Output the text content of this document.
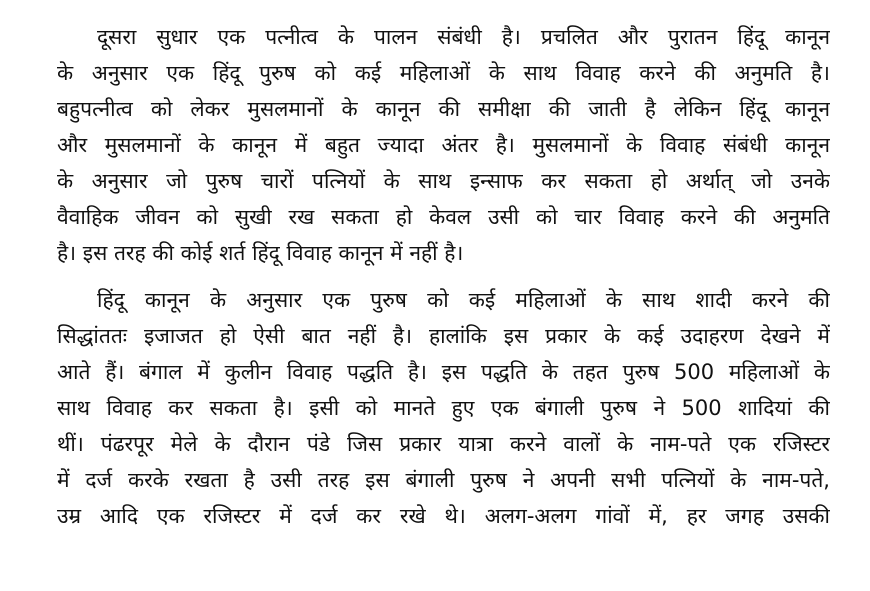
दूसरा सुधार एक पत्नीत्व के पालन संबंधी है। प्रचलित और पुरातन हिंदू कानून
के अनुसार एक हिंदू पुरुष को कई महिलाओं के साथ विवाह करने की अनुमति है।
बहुपत्नीत्व को लेकर मुसलमानों के कानून की समीक्षा की जाती है लेकिन हिंदू कानून
और मुसलमानों के कानून में बहुत ज्यादा अंतर है। मुसलमानों के विवाह संबंधी कानून
के अनुसार जो पुरुष चारों पत्नियों के साथ इन्साफ कर सकता हो अर्थात् जो उनके
वैवाहिक जीवन को सुखी रख सकता हो केवल उसी को चार विवाह करने की अनुमति
है। इस तरह की कोई शर्त हिंदू विवाह कानून में नहीं है।
हिंदू कानून के अनुसार एक पुरुष को कई महिलाओं के साथ शादी करने की
सिद्धांततः इजाजत हो ऐसी बात नहीं है। हालांकि इस प्रकार के कई उदाहरण देखने में
आते हैं। बंगाल में कुलीन विवाह पद्धति है। इस पद्धति के तहत पुरुष 500 महिलाओं के
साथ विवाह कर सकता है। इसी को मानते हुए एक बंगाली पुरुष ने 500 शादियां की
थीं। पंढरपूर मेले के दौरान पंडे जिस प्रकार यात्रा करने वालों के नाम-पते एक रजिस्टर
में दर्ज करके रखता है उसी तरह इस बंगाली पुरुष ने अपनी सभी पत्नियों के नाम-पते,
उम्र आदि एक रजिस्टर में दर्ज कर रखे थे। अलग-अलग गांवों में, हर जगह उसकी
